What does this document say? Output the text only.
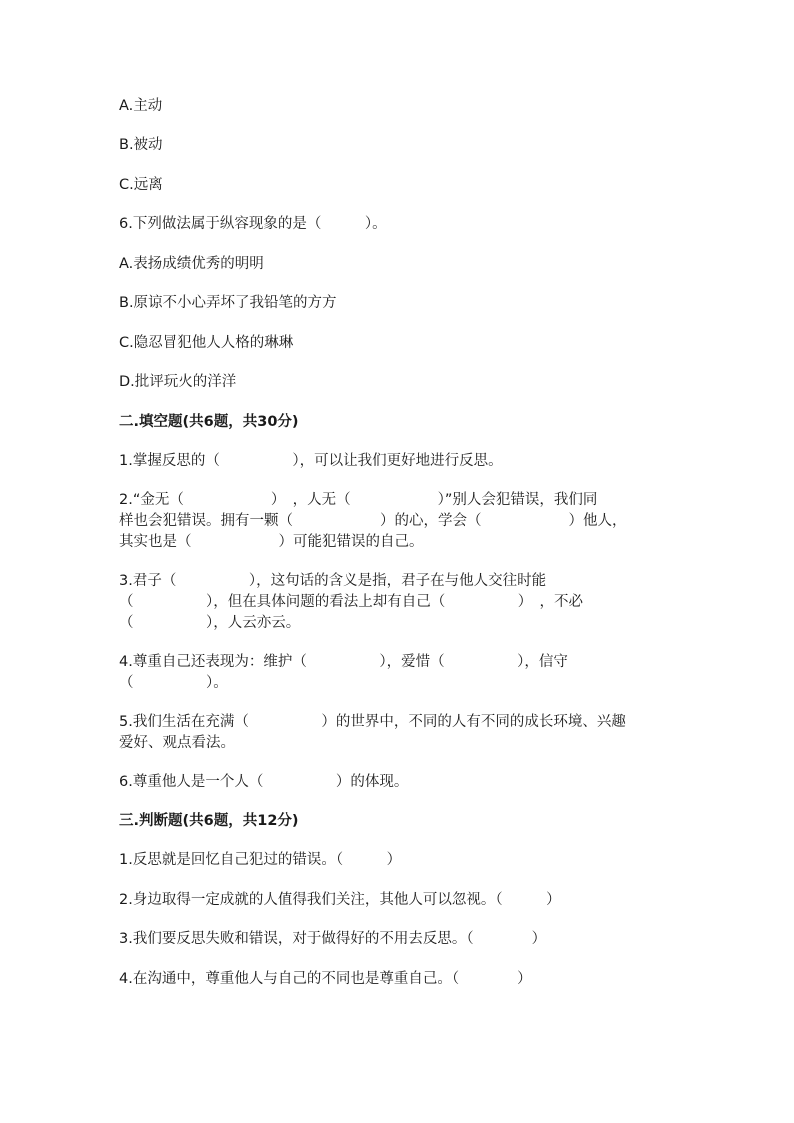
A.主动

B.被动

C.远离

6.下列做法属于纵容现象的是（　　　）。

A.表扬成绩优秀的明明

B.原谅不小心弄坏了我铅笔的方方

C.隐忍冒犯他人人格的琳琳

D.批评玩火的洋洋

二.填空题(共6题，共30分)

1.掌握反思的（　　　　　），可以让我们更好地进行反思。

2.“金无（　　　　　　）　，人无（　　　　　　）”别人会犯错误，我们同

样也会犯错误。拥有一颗（　　　　　　）的心，学会（　　　　　　）他人，

其实也是（　　　　　　）可能犯错误的自己。

3.君子（　　　　　），这句话的含义是指，君子在与他人交往时能

（　　　　　），但在具体问题的看法上却有自己（　　　　　）　，不必

（　　　　　），人云亦云。

4.尊重自己还表现为：维护（　　　　　），爱惜（　　　　　），信守

（　　　　　）。

5.我们生活在充满（　　　　　）的世界中，不同的人有不同的成长环境、兴趣

爱好、观点看法。

6.尊重他人是一个人（　　　　　）的体现。

三.判断题(共6题，共12分)

1.反思就是回忆自己犯过的错误。（　　　）

2.身边取得一定成就的人值得我们关注，其他人可以忽视。（　　　）

3.我们要反思失败和错误，对于做得好的不用去反思。（　　　　）

4.在沟通中，尊重他人与自己的不同也是尊重自己。（　　　　）
